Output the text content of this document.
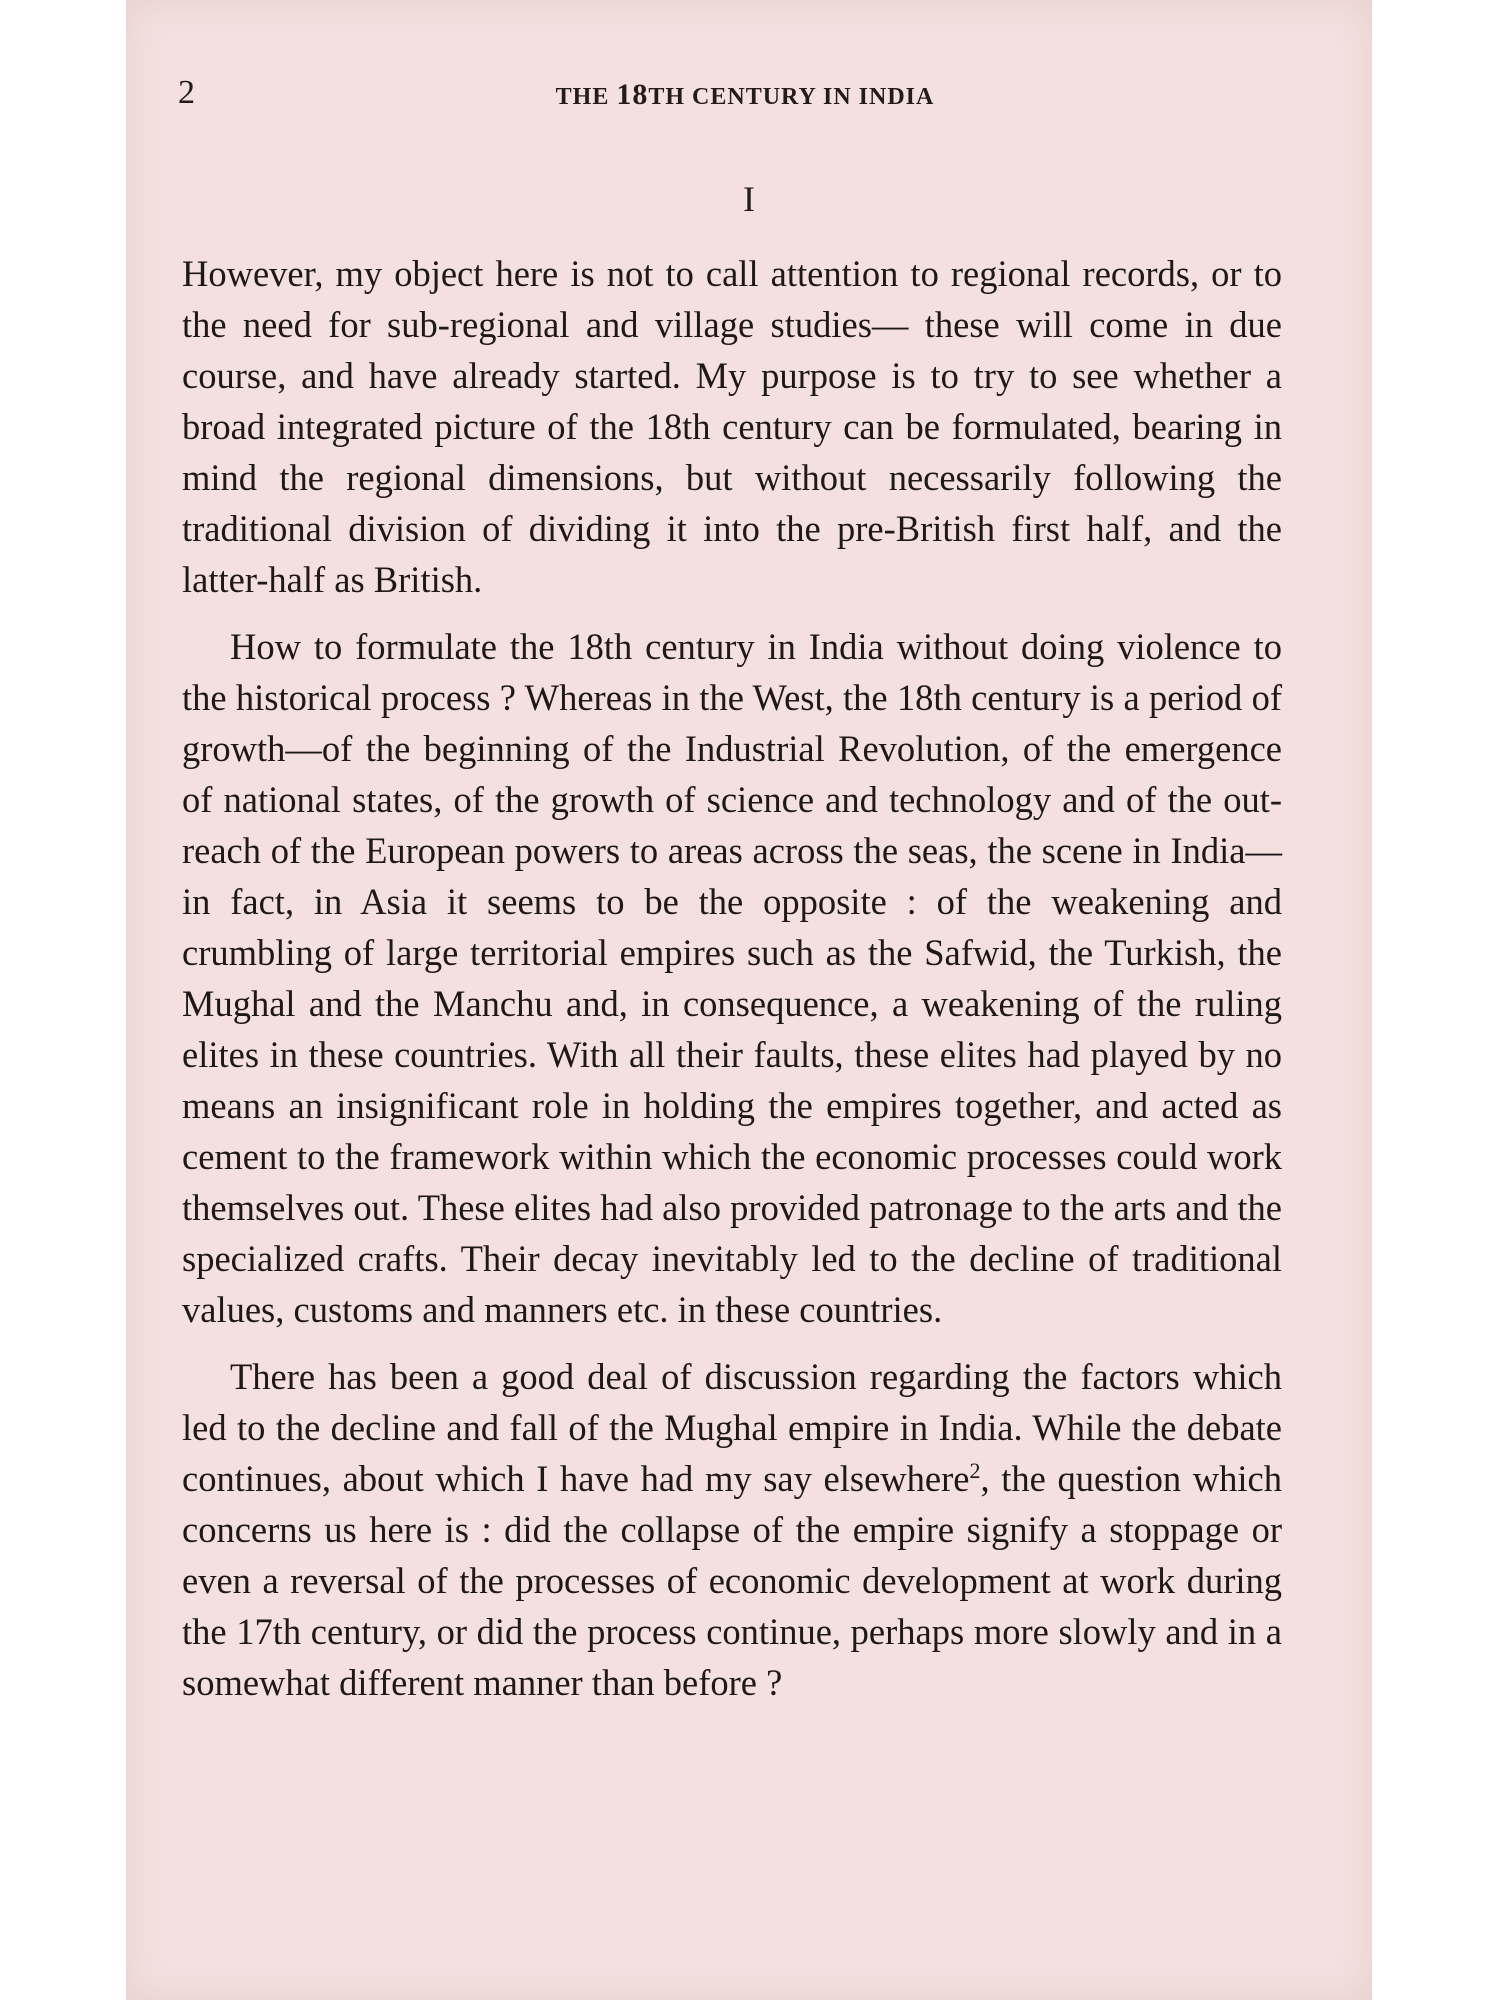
2	THE 18TH CENTURY IN INDIA
I

However, my object here is not to call attention to regional records, or to the need for sub-regional and village studies— these will come in due course, and have already started. My purpose is to try to see whether a broad integrated picture of the 18th century can be formulated, bearing in mind the regional dimensions, but without necessarily following the traditional division of dividing it into the pre-British first half, and the latter-half as British.

How to formulate the 18th century in India without doing violence to the historical process ? Whereas in the West, the 18th century is a period of growth—of the beginning of the Industrial Revolution, of the emergence of national states, of the growth of science and technology and of the out-reach of the European powers to areas across the seas, the scene in India—in fact, in Asia it seems to be the opposite : of the weakening and crumbling of large territorial empires such as the Safwid, the Turkish, the Mughal and the Manchu and, in consequence, a weakening of the ruling elites in these countries. With all their faults, these elites had played by no means an insignificant role in holding the empires together, and acted as cement to the framework within which the economic processes could work themselves out. These elites had also provided patronage to the arts and the specialized crafts. Their decay inevitably led to the decline of traditional values, customs and manners etc. in these countries.

There has been a good deal of discussion regarding the factors which led to the decline and fall of the Mughal empire in India. While the debate continues, about which I have had my say elsewhere$^2$, the question which concerns us here is : did the collapse of the empire signify a stoppage or even a reversal of the processes of economic development at work during the 17th century, or did the process continue, perhaps more slowly and in a somewhat different manner than before ?
